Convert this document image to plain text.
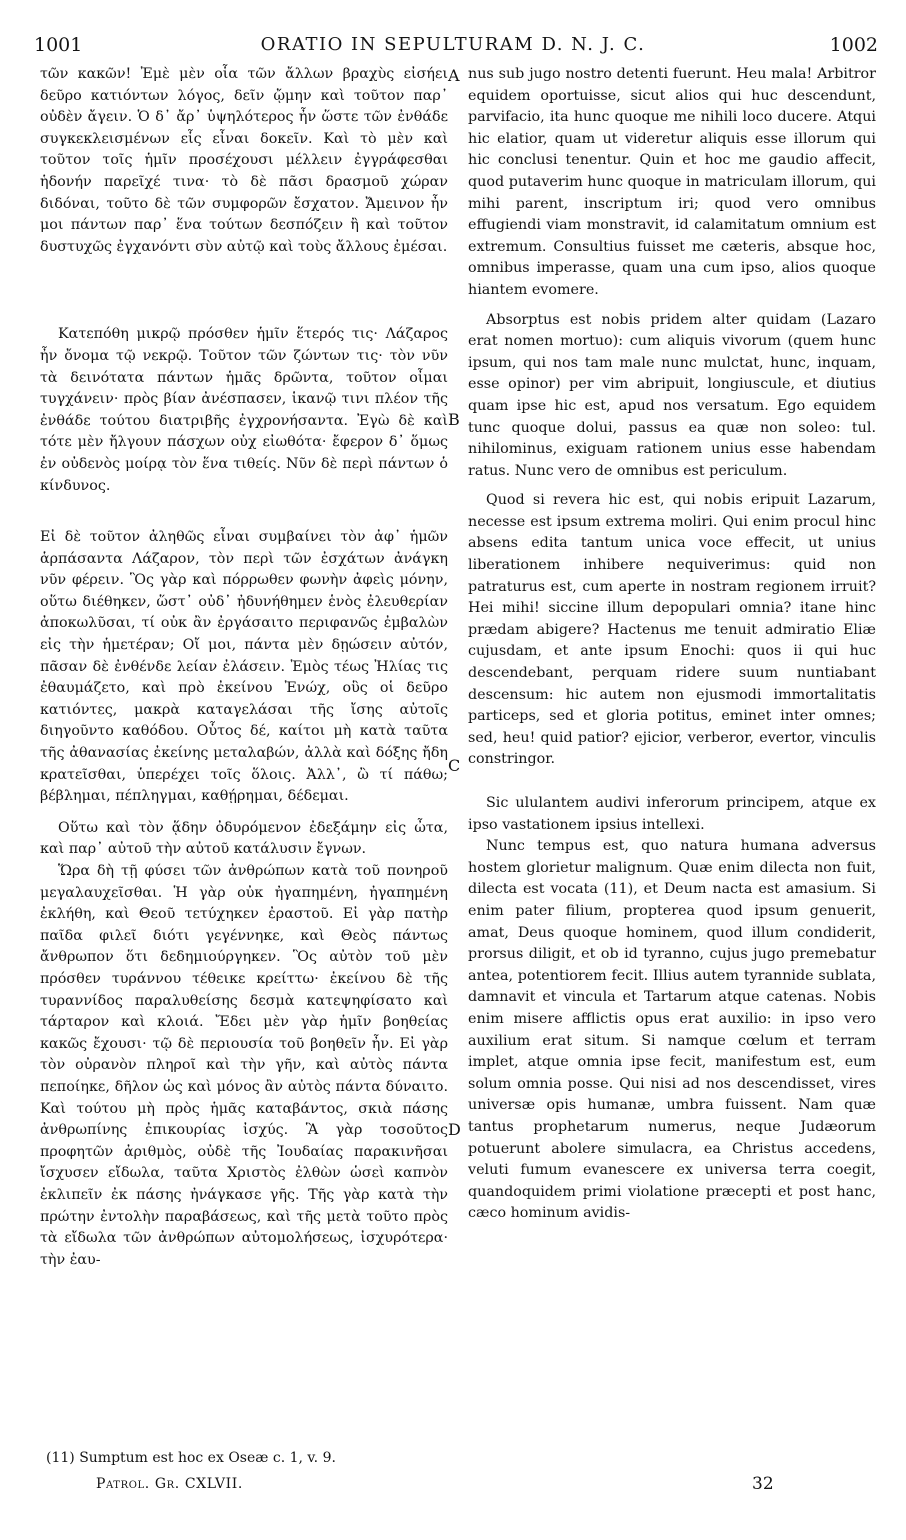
1001	ORATIO IN SEPULTURAM D. N. J. C.	1002

τῶν κακῶν! Ἐμὲ μὲν οἷα τῶν ἄλλων βραχὺς εἰσήει δεῦρο κατιόντων λόγος, δεῖν ᾤμην καὶ τοῦτον παρ᾽ οὐδὲν ἄγειν. Ὁ δ᾽ ἄρ᾽ ὑψηλότερος ἦν ὥστε τῶν ἐνθάδε συγκεκλεισμένων εἷς εἶναι δοκεῖν. Καὶ τὸ μὲν καὶ τοῦτον τοῖς ἡμῖν προσέχουσι μέλλειν ἐγγράφεσθαι ἡδονήν παρεῖχέ τινα· τὸ δὲ πᾶσι δρασμοῦ χώραν διδόναι, τοῦτο δὲ τῶν συμφορῶν ἔσχατον. Ἄμεινον ἦν μοι πάντων παρ᾽ ἕνα τούτων δεσπόζειν ἢ καὶ τοῦτον δυστυχῶς ἐγχανόντι σὺν αὐτῷ καὶ τοὺς ἄλλους ἐμέσαι.

Κατεπόθη μικρῷ πρόσθεν ἡμῖν ἕτερός τις· Λάζαρος ἦν ὄνομα τῷ νεκρῷ. Τοῦτον τῶν ζώντων τις· τὸν νῦν τὰ δεινότατα πάντων ἡμᾶς δρῶντα, τοῦτον οἶμαι τυγχάνειν· πρὸς βίαν ἀνέσπασεν, ἱκανῷ τινι πλέον τῆς ἐνθάδε τούτου διατριβῆς ἐγχρονήσαντα. Ἐγὼ δὲ καὶ τότε μὲν ἤλγουν πάσχων οὐχ εἰωθότα· ἔφερον δ᾽ ὅμως ἐν οὐδενὸς μοίρᾳ τὸν ἕνα τιθείς. Νῦν δὲ περὶ πάντων ὁ κίνδυνος.

Εἰ δὲ τοῦτον ἀληθῶς εἶναι συμβαίνει τὸν ἀφ᾽ ἡμῶν ἁρπάσαντα Λάζαρον, τὸν περὶ τῶν ἐσχάτων ἀνάγκη νῦν φέρειν. Ὃς γὰρ καὶ πόρρωθεν φωνὴν ἀφεὶς μόνην, οὕτω διέθηκεν, ὥστ᾽ οὐδ᾽ ἠδυνήθημεν ἑνὸς ἐλευθερίαν ἀποκωλῦσαι, τί οὐκ ἂν ἐργάσαιτο περιφανῶς ἐμβαλὼν εἰς τὴν ἡμετέραν; Οἴ μοι, πάντα μὲν δῃώσειν αὐτόν, πᾶσαν δὲ ἐνθένδε λείαν ἐλάσειν. Ἐμὸς τέως Ἠλίας τις ἐθαυμάζετο, καὶ πρὸ ἐκείνου Ἐνώχ, οὓς οἱ δεῦρο κατιόντες, μακρὰ καταγελάσαι τῆς ἴσης αὐτοῖς διηγοῦντο καθόδου. Οὗτος δέ, καίτοι μὴ κατὰ ταῦτα τῆς ἀθανασίας ἐκείνης μεταλαβών, ἀλλὰ καὶ δόξης ἤδη κρατεῖσθαι, ὑπερέχει τοῖς ὅλοις. Ἀλλ᾽, ὢ τί πάθω; βέβλημαι, πέπληγμαι, καθῄρημαι, δέδεμαι.

Οὕτω καὶ τὸν ᾅδην ὀδυρόμενον ἐδεξάμην εἰς ὦτα, καὶ παρ᾽ αὐτοῦ τὴν αὐτοῦ κατάλυσιν ἔγνων.

Ὥρα δὴ τῇ φύσει τῶν ἀνθρώπων κατὰ τοῦ πονηροῦ μεγαλαυχεῖσθαι. Ἡ γὰρ οὐκ ἠγαπημένη, ἠγαπημένη ἐκλήθη, καὶ Θεοῦ τετύχηκεν ἐραστοῦ. Εἰ γὰρ πατὴρ παῖδα φιλεῖ διότι γεγέννηκε, καὶ Θεὸς πάντως ἄνθρωπον ὅτι δεδημιούργηκεν. Ὃς αὐτὸν τοῦ μὲν πρόσθεν τυράννου τέθεικε κρείττω· ἐκείνου δὲ τῆς τυραννίδος παραλυθείσης δεσμὰ κατεψηφίσατο καὶ τάρταρον καὶ κλοιά. Ἔδει μὲν γὰρ ἡμῖν βοηθείας κακῶς ἔχουσι· τῷ δὲ περιουσία τοῦ βοηθεῖν ἦν. Εἰ γὰρ τὸν οὐρανὸν πληροῖ καὶ τὴν γῆν, καὶ αὐτὸς πάντα πεποίηκε, δῆλον ὡς καὶ μόνος ἂν αὐτὸς πάντα δύναιτο. Καὶ τούτου μὴ πρὸς ἡμᾶς καταβάντος, σκιὰ πάσης ἀνθρωπίνης ἐπικουρίας ἰσχύς. Ἃ γὰρ τοσοῦτος προφητῶν ἀριθμὸς, οὐδὲ τῆς Ἰουδαίας παρακινῆσαι ἴσχυσεν εἴδωλα, ταῦτα Χριστὸς ἐλθὼν ὡσεὶ καπνὸν ἐκλιπεῖν ἐκ πάσης ἠνάγκασε γῆς. Τῆς γὰρ κατὰ τὴν πρώτην ἐντολὴν παραβάσεως, καὶ τῆς μετὰ τοῦτο πρὸς τὰ εἴδωλα τῶν ἀνθρώπων αὐτομολήσεως, ἰσχυρότερα· τὴν ἐαυ-

nus sub jugo nostro detenti fuerunt. Heu mala! Arbitror equidem oportuisse, sicut alios qui huc descendunt, parvifacio, ita hunc quoque me nihili loco ducere. Atqui hic elatior, quam ut videretur aliquis esse illorum qui hic conclusi tenentur. Quin et hoc me gaudio affecit, quod putaverim hunc quoque in matriculam illorum, qui mihi parent, inscriptum iri; quod vero omnibus effugiendi viam monstravit, id calamitatum omnium est extremum. Consultius fuisset me cæteris, absque hoc, omnibus imperasse, quam una cum ipso, alios quoque hiantem evomere.

Absorptus est nobis pridem alter quidam (Lazaro erat nomen mortuo): cum aliquis vivorum (quem hunc ipsum, qui nos tam male nunc mulctat, hunc, inquam, esse opinor) per vim abripuit, longiuscule, et diutius quam ipse hic est, apud nos versatum. Ego equidem tunc quoque dolui, passus ea quæ non soleo: tul. nihilominus, exiguam rationem unius esse habendam ratus. Nunc vero de omnibus est periculum.

Quod si revera hic est, qui nobis eripuit Lazarum, necesse est ipsum extrema moliri. Qui enim procul hinc absens edita tantum unica voce effecit, ut unius liberationem inhibere nequiverimus: quid non patraturus est, cum aperte in nostram regionem irruit? Hei mihi! siccine illum depopulari omnia? itane hinc prædam abigere? Hactenus me tenuit admiratio Eliæ cujusdam, et ante ipsum Enochi: quos ii qui huc descendebant, perquam ridere suum nuntiabant descensum: hic autem non ejusmodi immortalitatis particeps, sed et gloria potitus, eminet inter omnes; sed, heu! quid patior? ejicior, verberor, evertor, vinculis constringor.

Sic ululantem audivi inferorum principem, atque ex ipso vastationem ipsius intellexi.

Nunc tempus est, quo natura humana adversus hostem glorietur malignum. Quæ enim dilecta non fuit, dilecta est vocata (11), et Deum nacta est amasium. Si enim pater filium, propterea quod ipsum genuerit, amat, Deus quoque hominem, quod illum condiderit, prorsus diligit, et ob id tyranno, cujus jugo premebatur antea, potentiorem fecit. Illius autem tyrannide sublata, damnavit et vincula et Tartarum atque catenas. Nobis enim misere afflictis opus erat auxilio: in ipso vero auxilium erat situm. Si namque cœlum et terram implet, atque omnia ipse fecit, manifestum est, eum solum omnia posse. Qui nisi ad nos descendisset, vires universæ opis humanæ, umbra fuissent. Nam quæ tantus prophetarum numerus, neque Judæorum potuerunt abolere simulacra, ea Christus accedens, veluti fumum evanescere ex universa terra coegit, quandoquidem primi violatione præcepti et post hanc, cæco hominum avidis-

A
B
C
D
(11) Sumptum est hoc ex Oseæ c. 1, v. 9.
Patrol. Gr. CXLVII.	32
